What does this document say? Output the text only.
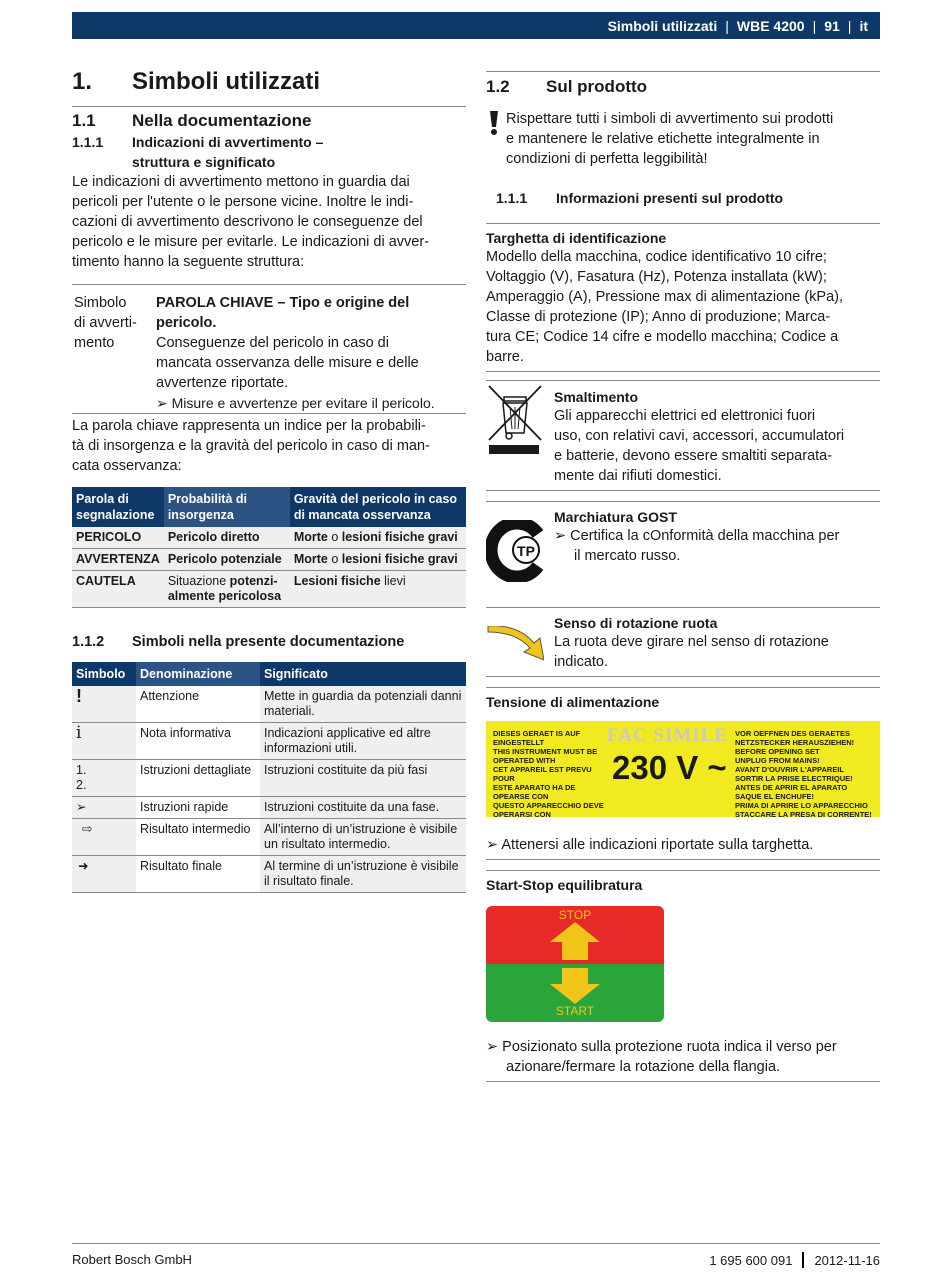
Simboli utilizzati | WBE 4200 | 91 | it
1.	Simboli utilizzati
1.1	Nella documentazione
1.1.1	Indicazioni di avvertimento –
struttura e significato
Le indicazioni di avvertimento mettono in guardia dai
pericoli per l'utente o le persone vicine. Inoltre le indi-
cazioni di avvertimento descrivono le conseguenze del
pericolo e le misure per evitarle. Le indicazioni di avver-
timento hanno la seguente struttura:
Simbolo
di avverti-
mento
PAROLA CHIAVE – Tipo e origine del
pericolo.
Conseguenze del pericolo in caso di
mancata osservanza delle misure e delle
avvertenze riportate.
➢ Misure e avvertenze per evitare il pericolo.
La parola chiave rappresenta un indice per la probabili-
tà di insorgenza e la gravità del pericolo in caso di man-
cata osservanza:
Parola di segnalazione	Probabilità di insorgenza	Gravità del pericolo in caso di mancata osservanza
PERICOLO	Pericolo diretto	Morte o lesioni fisiche gravi
AVVERTENZA	Pericolo potenziale	Morte o lesioni fisiche gravi
CAUTELA	Situazione potenzi-almente pericolosa	Lesioni fisiche lievi
1.1.2	Simboli nella presente documentazione
Simbolo	Denominazione	Significato
!	Attenzione	Mette in guardia da potenziali danni materiali.
i	Nota informativa	Indicazioni applicative ed altre informazioni utili.
1.
2.	Istruzioni dettagliate	Istruzioni costituite da più fasi
➢	Istruzioni rapide	Istruzioni costituite da una fase.
⇨	Risultato intermedio	All’interno di un’istruzione è visibile un risultato intermedio.
➜	Risultato finale	Al termine di un’istruzione è visibile il risultato finale.
1.2	Sul prodotto
Rispettare tutti i simboli di avvertimento sui prodotti
e mantenere le relative etichette integralmente in
condizioni di perfetta leggibilità!
1.1.1	Informazioni presenti sul prodotto
Targhetta di identificazione
Modello della macchina, codice identificativo 10 cifre;
Voltaggio (V), Fasatura (Hz), Potenza installata (kW);
Amperaggio (A), Pressione max di alimentazione (kPa),
Classe di protezione (IP); Anno di produzione; Marca-
tura CE; Codice 14 cifre e modello macchina; Codice a
barre.
Smaltimento
Gli apparecchi elettrici ed elettronici fuori
uso, con relativi cavi, accessori, accumulatori
e batterie, devono essere smaltiti separata-
mente dai rifiuti domestici.
TP
Marchiatura GOST
➢ Certifica la cOnformità della macchina per
il mercato russo.
Senso di rotazione ruota
La ruota deve girare nel senso di rotazione
indicato.
Tensione di alimentazione
DIESES GERAET IS AUF
EINGESTELLT
THIS INSTRUMENT MUST BE
OPERATED WITH
CET APPAREIL EST PREVU
POUR
ESTE APARATO HA DE
OPEARSE CON
QUESTO APPARECCHIO DEVE
OPERARSI CON
FAC SIMILE
230 V ~
VOR OEFFNEN DES GERAETES
NETZSTECKER HERAUSZIEHEN!
BEFORE OPENING SET
UNPLUG FROM MAINS!
AVANT D'OUVRIR L'APPAREIL
SORTIR LA PRISE ELECTRIQUE!
ANTES DE APRIR EL APARATO
SAQUE EL ENCHUFE!
PRIMA DI APRIRE LO APPARECCHIO
STACCARE LA PRESA DI CORRENTE!
➢ Attenersi alle indicazioni riportate sulla targhetta.
Start-Stop equilibratura
STOP
START
➢ Posizionato sulla protezione ruota indica il verso per
azionare/fermare la rotazione della flangia.
Robert Bosch GmbH	1 695 600 091 2012-11-16
